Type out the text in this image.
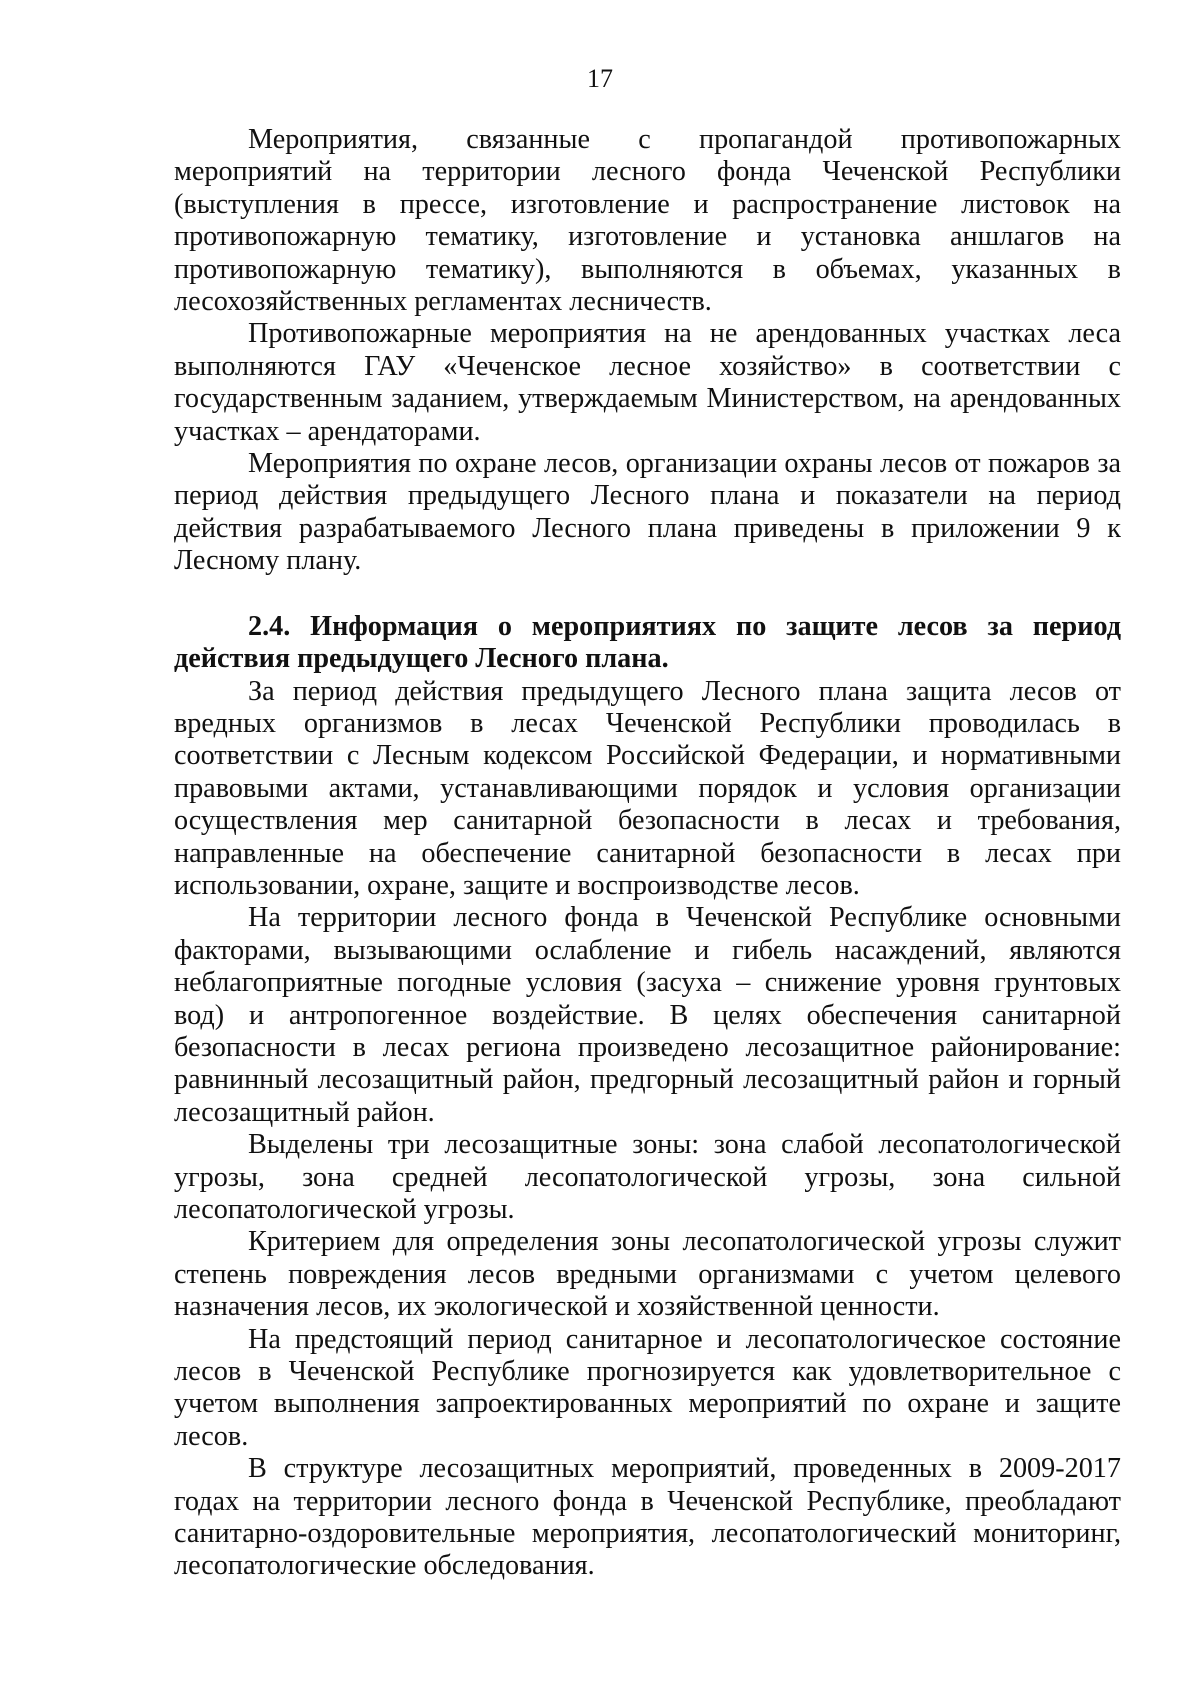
17

Мероприятия, связанные с пропагандой противопожарных мероприятий на территории лесного фонда Чеченской Республики (выступления в прессе, изготовление и распространение листовок на противопожарную тематику, изготовление и установка аншлагов на противопожарную тематику), выполняются в объемах, указанных в лесохозяйственных регламентах лесничеств.

Противопожарные мероприятия на не арендованных участках леса выполняются ГАУ «Чеченское лесное хозяйство» в соответствии с государственным заданием, утверждаемым Министерством, на арендованных участках – арендаторами.

Мероприятия по охране лесов, организации охраны лесов от пожаров за период действия предыдущего Лесного плана и показатели на период действия разрабатываемого Лесного плана приведены в приложении 9 к Лесному плану.

2.4. Информация о мероприятиях по защите лесов за период действия предыдущего Лесного плана.

За период действия предыдущего Лесного плана защита лесов от вредных организмов в лесах Чеченской Республики проводилась в соответствии с Лесным кодексом Российской Федерации, и нормативными правовыми актами, устанавливающими порядок и условия организации осуществления мер санитарной безопасности в лесах и требования, направленные на обеспечение санитарной безопасности в лесах при использовании, охране, защите и воспроизводстве лесов.

На территории лесного фонда в Чеченской Республике основными факторами, вызывающими ослабление и гибель насаждений, являются неблагоприятные погодные условия (засуха – снижение уровня грунтовых вод) и антропогенное воздействие. В целях обеспечения санитарной безопасности в лесах региона произведено лесозащитное районирование: равнинный лесозащитный район, предгорный лесозащитный район и горный лесозащитный район.

Выделены три лесозащитные зоны: зона слабой лесопатологической угрозы, зона средней лесопатологической угрозы, зона сильной лесопатологической угрозы.

Критерием для определения зоны лесопатологической угрозы служит степень повреждения лесов вредными организмами с учетом целевого назначения лесов, их экологической и хозяйственной ценности.

На предстоящий период санитарное и лесопатологическое состояние лесов в Чеченской Республике прогнозируется как удовлетворительное с учетом выполнения запроектированных мероприятий по охране и защите лесов.

В структуре лесозащитных мероприятий, проведенных в 2009-2017 годах на территории лесного фонда в Чеченской Республике, преобладают санитарно-оздоровительные мероприятия, лесопатологический мониторинг, лесопатологические обследования.
